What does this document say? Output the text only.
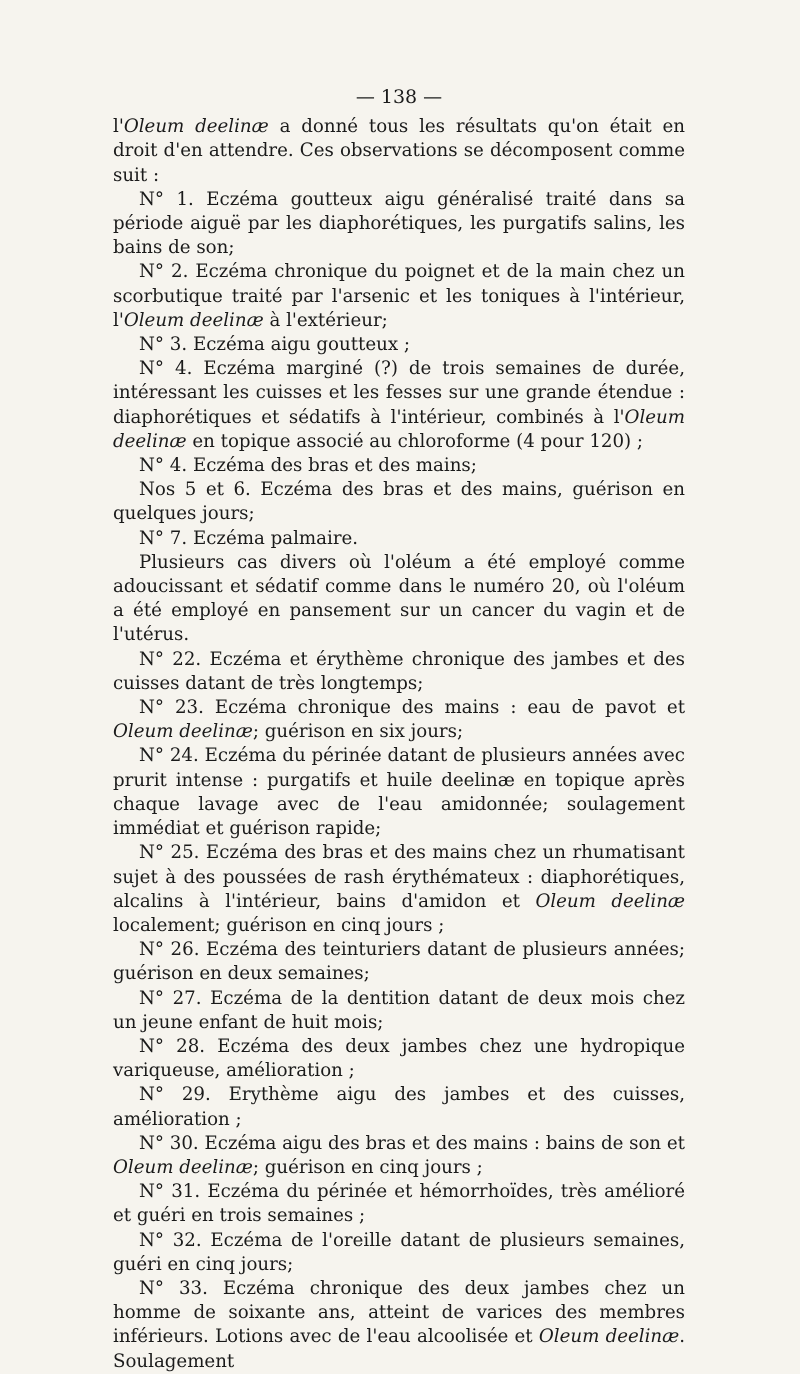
— 138 —

l'Oleum deelinæ a donné tous les résultats qu'on était en droit d'en attendre. Ces observations se décomposent comme suit :

N° 1. Eczéma goutteux aigu généralisé traité dans sa période aiguë par les diaphorétiques, les purgatifs salins, les bains de son;

N° 2. Eczéma chronique du poignet et de la main chez un scorbutique traité par l'arsenic et les toniques à l'intérieur, l'Oleum deelinæ à l'extérieur;

N° 3. Eczéma aigu goutteux ;

N° 4. Eczéma marginé (?) de trois semaines de durée, intéressant les cuisses et les fesses sur une grande étendue : diaphorétiques et sédatifs à l'intérieur, combinés à l'Oleum deelinæ en topique associé au chloroforme (4 pour 120) ;

N° 4. Eczéma des bras et des mains;

Nos 5 et 6. Eczéma des bras et des mains, guérison en quelques jours;

N° 7. Eczéma palmaire.

Plusieurs cas divers où l'oléum a été employé comme adoucissant et sédatif comme dans le numéro 20, où l'oléum a été employé en pansement sur un cancer du vagin et de l'utérus.

N° 22. Eczéma et érythème chronique des jambes et des cuisses datant de très longtemps;

N° 23. Eczéma chronique des mains : eau de pavot et Oleum deelinæ; guérison en six jours;

N° 24. Eczéma du périnée datant de plusieurs années avec prurit intense : purgatifs et huile deelinæ en topique après chaque lavage avec de l'eau amidonnée; soulagement immédiat et guérison rapide;

N° 25. Eczéma des bras et des mains chez un rhumatisant sujet à des poussées de rash érythémateux : diaphorétiques, alcalins à l'intérieur, bains d'amidon et Oleum deelinæ localement; guérison en cinq jours ;

N° 26. Eczéma des teinturiers datant de plusieurs années; guérison en deux semaines;

N° 27. Eczéma de la dentition datant de deux mois chez un jeune enfant de huit mois;

N° 28. Eczéma des deux jambes chez une hydropique variqueuse, amélioration ;

N° 29. Erythème aigu des jambes et des cuisses, amélioration ;

N° 30. Eczéma aigu des bras et des mains : bains de son et Oleum deelinæ; guérison en cinq jours ;

N° 31. Eczéma du périnée et hémorrhoïdes, très amélioré et guéri en trois semaines ;

N° 32. Eczéma de l'oreille datant de plusieurs semaines, guéri en cinq jours;

N° 33. Eczéma chronique des deux jambes chez un homme de soixante ans, atteint de varices des membres inférieurs. Lotions avec de l'eau alcoolisée et Oleum deelinæ. Soulagement
